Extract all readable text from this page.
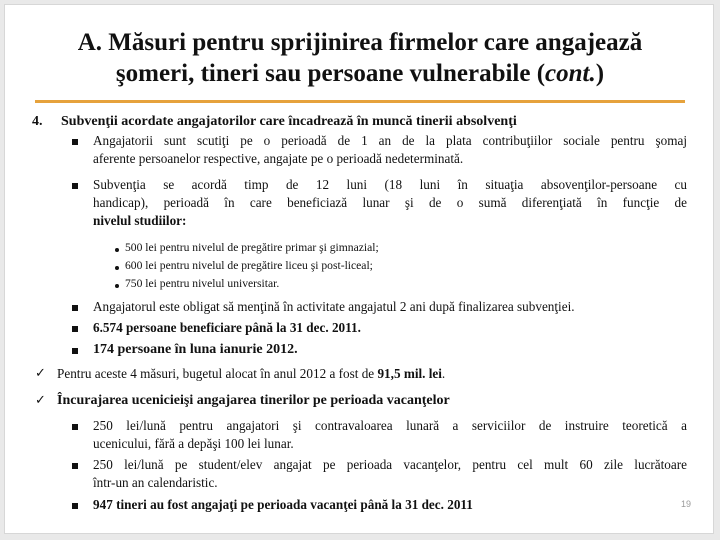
A. Măsuri pentru sprijinirea firmelor care angajează
şomeri, tineri sau persoane vulnerabile (cont.)
4. Subvenţii acordate angajatorilor care încadrează în muncă tinerii absolvenţi
Angajatorii sunt scutiţi pe o perioadă de 1 an de la plata contribuţiilor sociale pentru şomaj
aferente persoanelor respective, angajate pe o perioadă nedeterminată.
Subvenţia se acordă timp de 12 luni (18 luni în situaţia absovenţilor-persoane cu
handicap), perioadă în care beneficiază lunar şi de o sumă diferenţiată în funcţie de
nivelul studiilor:
500 lei pentru nivelul de pregătire primar şi gimnazial;
600 lei pentru nivelul de pregătire liceu şi post-liceal;
750 lei pentru nivelul universitar.
Angajatorul este obligat să menţină în activitate angajatul 2 ani după finalizarea subvenţiei.
6.574 persoane beneficiare până la 31 dec. 2011.
174 persoane în luna ianurie 2012.
✓ Pentru aceste 4 măsuri, bugetul alocat în anul 2012 a fost de 91,5 mil. lei.
✓ Încurajarea ucenicieişi angajarea tinerilor pe perioada vacanţelor
250 lei/lună pentru angajatori şi contravaloarea lunară a serviciilor de instruire teoretică a
ucenicului, fără a depăşi 100 lei lunar.
250 lei/lună pe student/elev angajat pe perioada vacanţelor, pentru cel mult 60 zile lucrătoare
într-un an calendaristic.
947 tineri au fost angajaţi pe perioada vacanţei până la 31 dec. 2011	19
